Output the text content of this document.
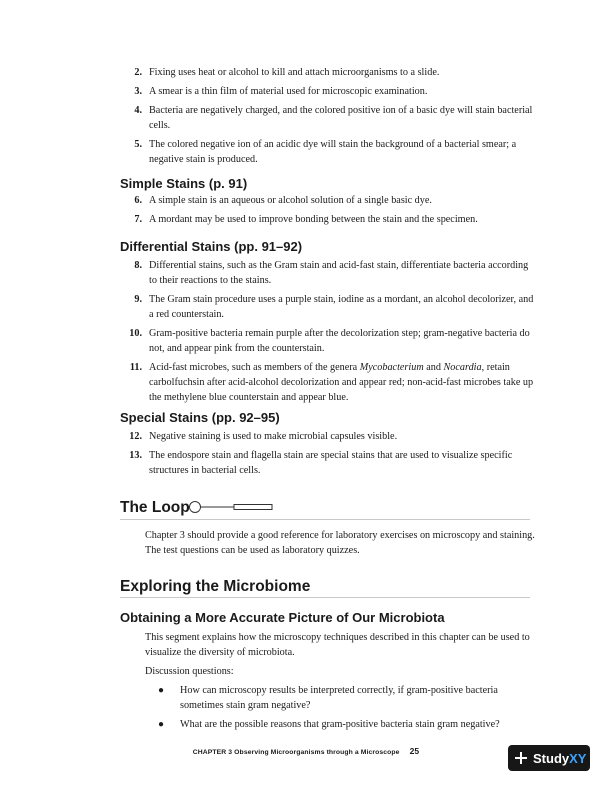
2. Fixing uses heat or alcohol to kill and attach microorganisms to a slide.
3. A smear is a thin film of material used for microscopic examination.
4. Bacteria are negatively charged, and the colored positive ion of a basic dye will stain bacterial cells.
5. The colored negative ion of an acidic dye will stain the background of a bacterial smear; a negative stain is produced.
Simple Stains (p. 91)
6. A simple stain is an aqueous or alcohol solution of a single basic dye.
7. A mordant may be used to improve bonding between the stain and the specimen.
Differential Stains (pp. 91–92)
8. Differential stains, such as the Gram stain and acid-fast stain, differentiate bacteria according to their reactions to the stains.
9. The Gram stain procedure uses a purple stain, iodine as a mordant, an alcohol decolorizer, and a red counterstain.
10. Gram-positive bacteria remain purple after the decolorization step; gram-negative bacteria do not, and appear pink from the counterstain.
11. Acid-fast microbes, such as members of the genera Mycobacterium and Nocardia, retain carbolfuchsin after acid-alcohol decolorization and appear red; non-acid-fast microbes take up the methylene blue counterstain and appear blue.
Special Stains (pp. 92–95)
12. Negative staining is used to make microbial capsules visible.
13. The endospore stain and flagella stain are special stains that are used to visualize specific structures in bacterial cells.
The Loop
Chapter 3 should provide a good reference for laboratory exercises on microscopy and staining. The test questions can be used as laboratory quizzes.
Exploring the Microbiome
Obtaining a More Accurate Picture of Our Microbiota
This segment explains how the microscopy techniques described in this chapter can be used to visualize the diversity of microbiota.
Discussion questions:
● How can microscopy results be interpreted correctly, if gram-positive bacteria sometimes stain gram negative?
● What are the possible reasons that gram-positive bacteria stain gram negative?
CHAPTER 3 Observing Microorganisms through a Microscope 25	StudyXY
